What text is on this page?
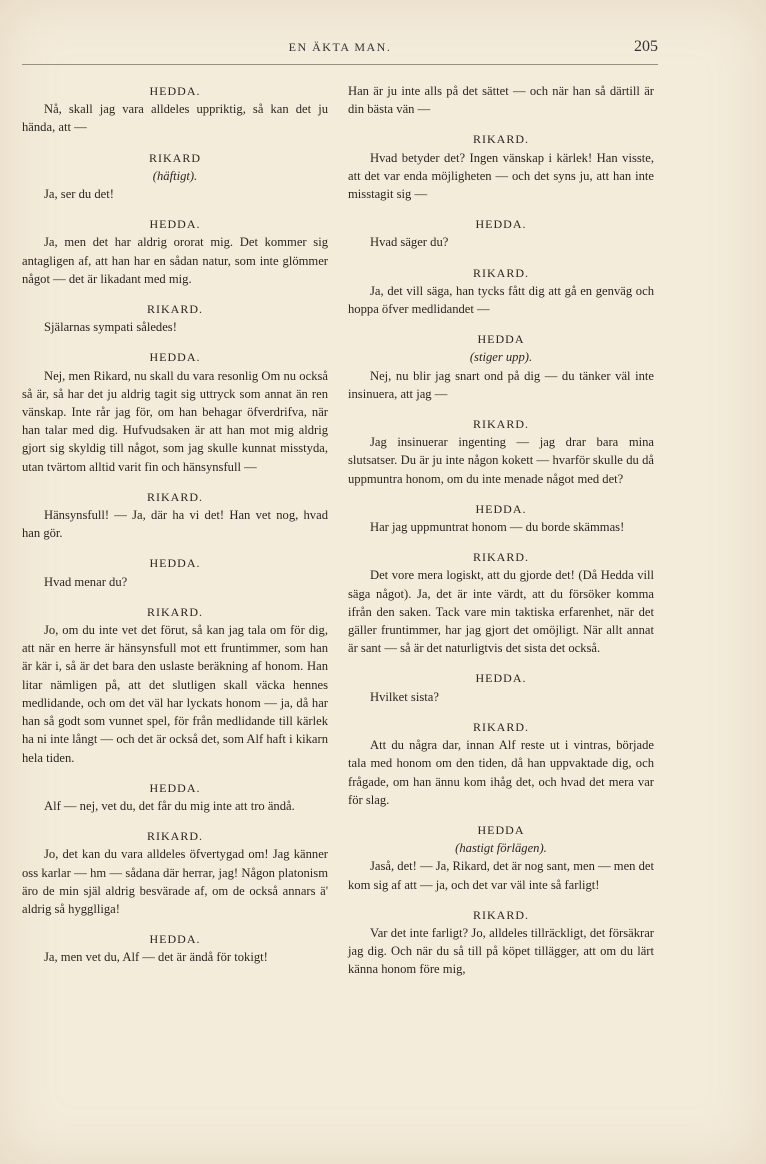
EN ÄKTA MAN.	205

HEDDA.

Nå, skall jag vara alldeles uppriktig, så kan det ju hända, att —

RIKARD

(häftigt).

Ja, ser du det!

HEDDA.

Ja, men det har aldrig ororat mig. Det kommer sig antagligen af, att han har en sådan natur, som inte glömmer något — det är likadant med mig.

RIKARD.

Själarnas sympati således!

HEDDA.

Nej, men Rikard, nu skall du vara resonlig Om nu också så är, så har det ju aldrig tagit sig uttryck som annat än ren vänskap. Inte rår jag för, om han behagar öfverdrifva, när han talar med dig. Hufvudsaken är att han mot mig aldrig gjort sig skyldig till något, som jag skulle kunnat misstyda, utan tvärtom alltid varit fin och hänsynsfull —

RIKARD.

Hänsynsfull! — Ja, där ha vi det! Han vet nog, hvad han gör.

HEDDA.

Hvad menar du?

RIKARD.

Jo, om du inte vet det förut, så kan jag tala om för dig, att när en herre är hänsynsfull mot ett fruntimmer, som han är kär i, så är det bara den uslaste beräkning af honom. Han litar nämligen på, att det slutligen skall väcka hennes medlidande, och om det väl har lyckats honom — ja, då har han så godt som vunnet spel, för från medlidande till kärlek ha ni inte långt — och det är också det, som Alf haft i kikarn hela tiden.

HEDDA.

Alf — nej, vet du, det får du mig inte att tro ändå.

RIKARD.

Jo, det kan du vara alldeles öfvertygad om! Jag känner oss karlar — hm — sådana där herrar, jag! Någon platonism äro de min själ aldrig besvärade af, om de också annars ä' aldrig så hygglliga!

HEDDA.

Ja, men vet du, Alf — det är ändå för tokigt!

Han är ju inte alls på det sättet — och när han så därtill är din bästa vän —

RIKARD.

Hvad betyder det? Ingen vänskap i kärlek! Han visste, att det var enda möjligheten — och det syns ju, att han inte misstagit sig —

HEDDA.

Hvad säger du?

RIKARD.

Ja, det vill säga, han tycks fått dig att gå en genväg och hoppa öfver medlidandet —

HEDDA

(stiger upp).

Nej, nu blir jag snart ond på dig — du tänker väl inte insinuera, att jag —

RIKARD.

Jag insinuerar ingenting — jag drar bara mina slutsatser. Du är ju inte någon kokett — hvarför skulle du då uppmuntra honom, om du inte menade något med det?

HEDDA.

Har jag uppmuntrat honom — du borde skämmas!

RIKARD.

Det vore mera logiskt, att du gjorde det! (Då Hedda vill säga något). Ja, det är inte värdt, att du försöker komma ifrån den saken. Tack vare min taktiska erfarenhet, när det gäller fruntimmer, har jag gjort det omöjligt. När allt annat är sant — så är det naturligtvis det sista det också.

HEDDA.

Hvilket sista?

RIKARD.

Att du några dar, innan Alf reste ut i vintras, började tala med honom om den tiden, då han uppvaktade dig, och frågade, om han ännu kom ihåg det, och hvad det mera var för slag.

HEDDA

(hastigt förlägen).

Jaså, det! — Ja, Rikard, det är nog sant, men — men det kom sig af att — ja, och det var väl inte så farligt!

RIKARD.

Var det inte farligt? Jo, alldeles tillräckligt, det försäkrar jag dig. Och när du så till på köpet tillägger, att om du lärt känna honom före mig,
